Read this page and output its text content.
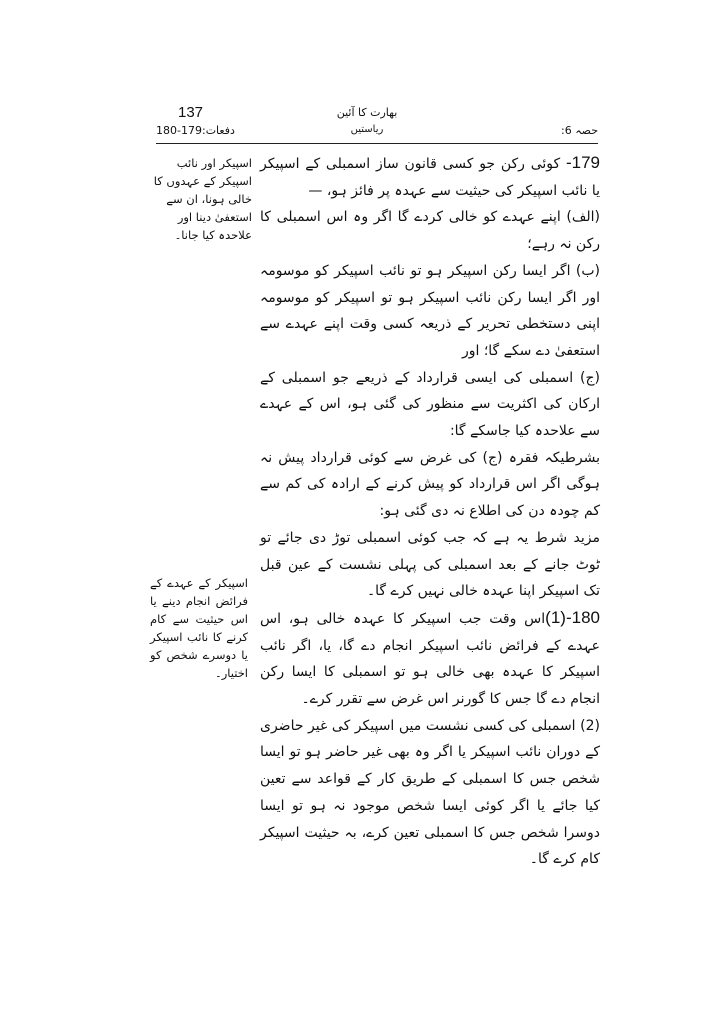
137	بھارت کا آئین
ریاستیں
دفعات:179-180	حصہ 6:

179- کوئی رکن جو کسی قانون ساز اسمبلی کے اسپیکر یا نائب اسپیکر کی حیثیت سے عہدہ پر فائز ہو، —

(الف) اپنے عہدے کو خالی کردے گا اگر وہ اس اسمبلی کا رکن نہ رہے؛

(ب) اگر ایسا رکن اسپیکر ہو تو نائب اسپیکر کو موسومہ اور اگر ایسا رکن نائب اسپیکر ہو تو اسپیکر کو موسومہ اپنی دستخطی تحریر کے ذریعہ کسی وقت اپنے عہدے سے استعفیٰ دے سکے گا؛ اور

(ج) اسمبلی کی ایسی قرارداد کے ذریعے جو اسمبلی کے ارکان کی اکثریت سے منظور کی گئی ہو، اس کے عہدے سے علاحدہ کیا جاسکے گا:

بشرطیکہ فقرہ (ج) کی غرض سے کوئی قرارداد پیش نہ ہوگی اگر اس قرارداد کو پیش کرنے کے ارادہ کی کم سے کم چودہ دن کی اطلاع نہ دی گئی ہو:

مزید شرط یہ ہے کہ جب کوئی اسمبلی توڑ دی جائے تو ٹوٹ جانے کے بعد اسمبلی کی پہلی نشست کے عین قبل تک اسپیکر اپنا عہدہ خالی نہیں کرے گا۔

180-(1)اس وقت جب اسپیکر کا عہدہ خالی ہو، اس عہدے کے فرائض نائب اسپیکر انجام دے گا، یا، اگر نائب اسپیکر کا عہدہ بھی خالی ہو تو اسمبلی کا ایسا رکن انجام دے گا جس کا گورنر اس غرض سے تقرر کرے۔

(2) اسمبلی کی کسی نشست میں اسپیکر کی غیر حاضری کے دوران نائب اسپیکر یا اگر وہ بھی غیر حاضر ہو تو ایسا شخص جس کا اسمبلی کے طریق کار کے قواعد سے تعین کیا جائے یا اگر کوئی ایسا شخص موجود نہ ہو تو ایسا دوسرا شخص جس کا اسمبلی تعین کرے، بہ حیثیت اسپیکر کام کرے گا۔

اسپیکر اور نائب اسپیکر کے عہدوں کا خالی ہونا، ان سے استعفیٰ دینا اور علاحدہ کیا جانا۔
اسپیکر کے عہدے کے فرائض انجام دینے یا اس حیثیت سے کام کرنے کا نائب اسپیکر یا دوسرے شخص کو اختیار۔
